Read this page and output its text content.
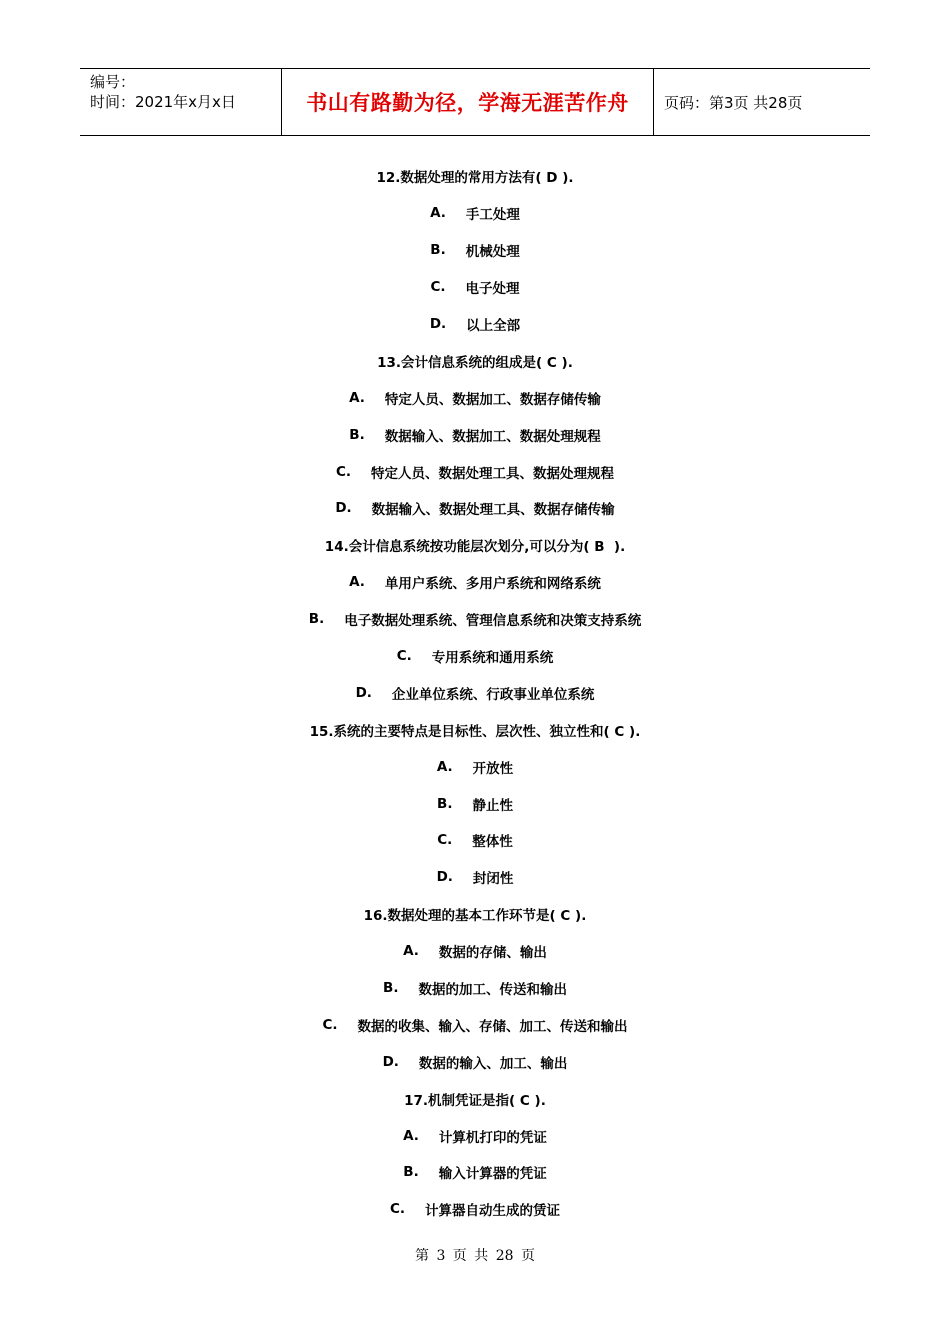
编号：
时间：2021年x月x日	书山有路勤为径，学海无涯苦作舟	页码：第3页 共28页
12.数据处理的常用方法有( D ).
A. 手工处理
B. 机械处理
C. 电子处理
D. 以上全部
13.会计信息系统的组成是( C ).
A. 特定人员、数据加工、数据存储传输
B. 数据输入、数据加工、数据处理规程
C. 特定人员、数据处理工具、数据处理规程
D. 数据输入、数据处理工具、数据存储传输
14.会计信息系统按功能层次划分,可以分为( B  ).
A. 单用户系统、多用户系统和网络系统
B. 电子数据处理系统、管理信息系统和决策支持系统
C. 专用系统和通用系统
D. 企业单位系统、行政事业单位系统
15.系统的主要特点是目标性、层次性、独立性和( C ).
A. 开放性
B. 静止性
C. 整体性
D. 封闭性
16.数据处理的基本工作环节是( C ).
A. 数据的存储、输出
B. 数据的加工、传送和输出
C. 数据的收集、输入、存储、加工、传送和输出
D. 数据的输入、加工、输出
17.机制凭证是指( C ).
A. 计算机打印的凭证
B. 输入计算器的凭证
C. 计算器自动生成的赁证
第 3 页 共 28 页
